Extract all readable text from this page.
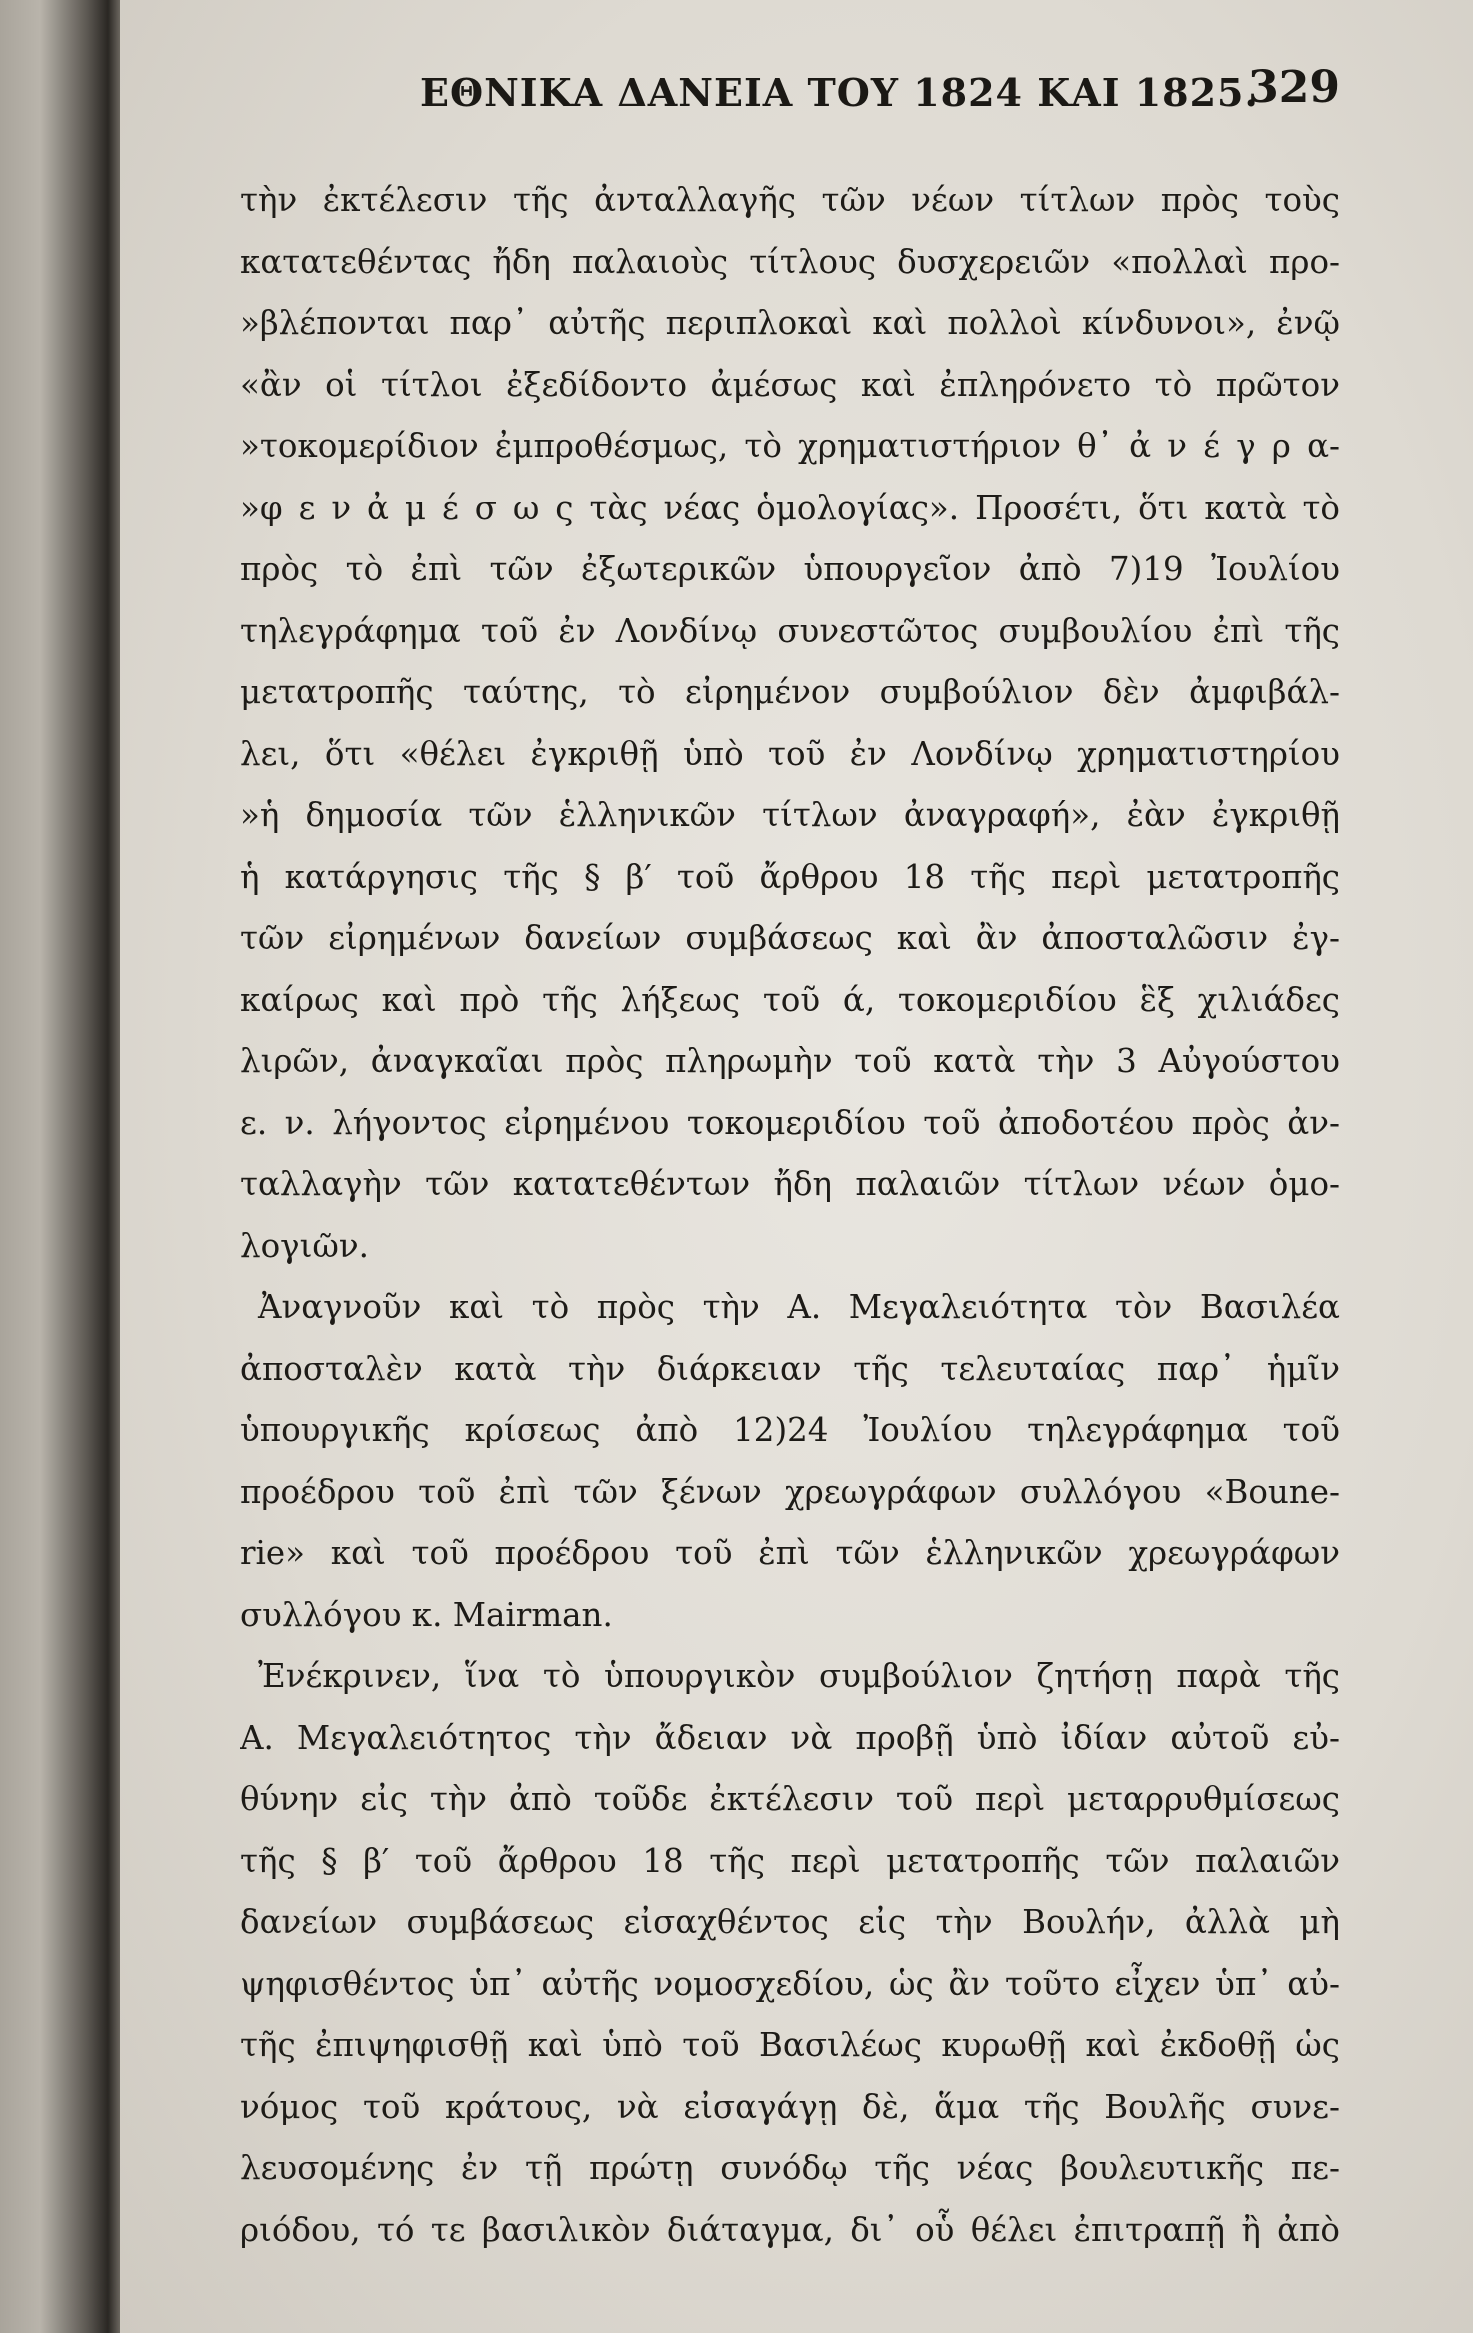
ΕΘΝΙΚΑ ΔΑΝΕΙΑ ΤΟΥ 1824 ΚΑΙ 1825.
329
τὴν ἐκτέλεσιν τῆς ἀνταλλαγῆς τῶν νέων τίτλων πρὸς τοὺς
κατατεθέντας ἤδη παλαιοὺς τίτλους δυσχερειῶν «πολλαὶ προ-
»βλέπονται παρ᾽ αὐτῆς περιπλοκαὶ καὶ πολλοὶ κίνδυνοι», ἐνῷ
«ἂν οἱ τίτλοι ἐξεδίδοντο ἀμέσως καὶ ἐπληρόνετο τὸ πρῶτον
»τοκομερίδιον ἐμπροθέσμως, τὸ χρηματιστήριον θ᾽ ἀ ν έ γ ρ α-
»φ ε ν ἀ μ έ σ ω ς τὰς νέας ὁμολογίας». Προσέτι, ὅτι κατὰ τὸ
πρὸς τὸ ἐπὶ τῶν ἐξωτερικῶν ὑπουργεῖον ἀπὸ 7)19 Ἰουλίου
τηλεγράφημα τοῦ ἐν Λονδίνῳ συνεστῶτος συμβουλίου ἐπὶ τῆς
μετατροπῆς ταύτης, τὸ εἰρημένον συμβούλιον δὲν ἀμφιβάλ-
λει, ὅτι «θέλει ἐγκριθῇ ὑπὸ τοῦ ἐν Λονδίνῳ χρηματιστηρίου
»ἡ δημοσία τῶν ἑλληνικῶν τίτλων ἀναγραφή», ἐὰν ἐγκριθῇ
ἡ κατάργησις τῆς § β′ τοῦ ἄρθρου 18 τῆς περὶ μετατροπῆς
τῶν εἰρημένων δανείων συμβάσεως καὶ ἂν ἀποσταλῶσιν ἐγ-
καίρως καὶ πρὸ τῆς λήξεως τοῦ ά, τοκομεριδίου ἓξ χιλιάδες
λιρῶν, ἀναγκαῖαι πρὸς πληρωμὴν τοῦ κατὰ τὴν 3 Αὐγούστου
ε. ν. λήγοντος εἰρημένου τοκομεριδίου τοῦ ἀποδοτέου πρὸς ἀν-
ταλλαγὴν τῶν κατατεθέντων ἤδη παλαιῶν τίτλων νέων ὁμο-
λογιῶν.
Ἀναγνοῦν καὶ τὸ πρὸς τὴν Α. Μεγαλειότητα τὸν Βασιλέα
ἀποσταλὲν κατὰ τὴν διάρκειαν τῆς τελευταίας παρ᾽ ἡμῖν
ὑπουργικῆς κρίσεως ἀπὸ 12)24 Ἰουλίου τηλεγράφημα τοῦ
προέδρου τοῦ ἐπὶ τῶν ξένων χρεωγράφων συλλόγου «Boune-
rie» καὶ τοῦ προέδρου τοῦ ἐπὶ τῶν ἑλληνικῶν χρεωγράφων
συλλόγου κ. Mairman.
Ἐνέκρινεν, ἵνα τὸ ὑπουργικὸν συμβούλιον ζητήσῃ παρὰ τῆς
Α. Μεγαλειότητος τὴν ἄδειαν νὰ προβῇ ὑπὸ ἰδίαν αὐτοῦ εὐ-
θύνην εἰς τὴν ἀπὸ τοῦδε ἐκτέλεσιν τοῦ περὶ μεταρρυθμίσεως
τῆς § β′ τοῦ ἄρθρου 18 τῆς περὶ μετατροπῆς τῶν παλαιῶν
δανείων συμβάσεως εἰσαχθέντος εἰς τὴν Βουλήν, ἀλλὰ μὴ
ψηφισθέντος ὑπ᾽ αὐτῆς νομοσχεδίου, ὡς ἂν τοῦτο εἶχεν ὑπ᾽ αὐ-
τῆς ἐπιψηφισθῇ καὶ ὑπὸ τοῦ Βασιλέως κυρωθῇ καὶ ἐκδοθῇ ὡς
νόμος τοῦ κράτους, νὰ εἰσαγάγῃ δὲ, ἅμα τῆς Βουλῆς συνε-
λευσομένης ἐν τῇ πρώτῃ συνόδῳ τῆς νέας βουλευτικῆς πε-
ριόδου, τό τε βασιλικὸν διάταγμα, δι᾽ οὗ θέλει ἐπιτραπῇ ἢ ἀπὸ
